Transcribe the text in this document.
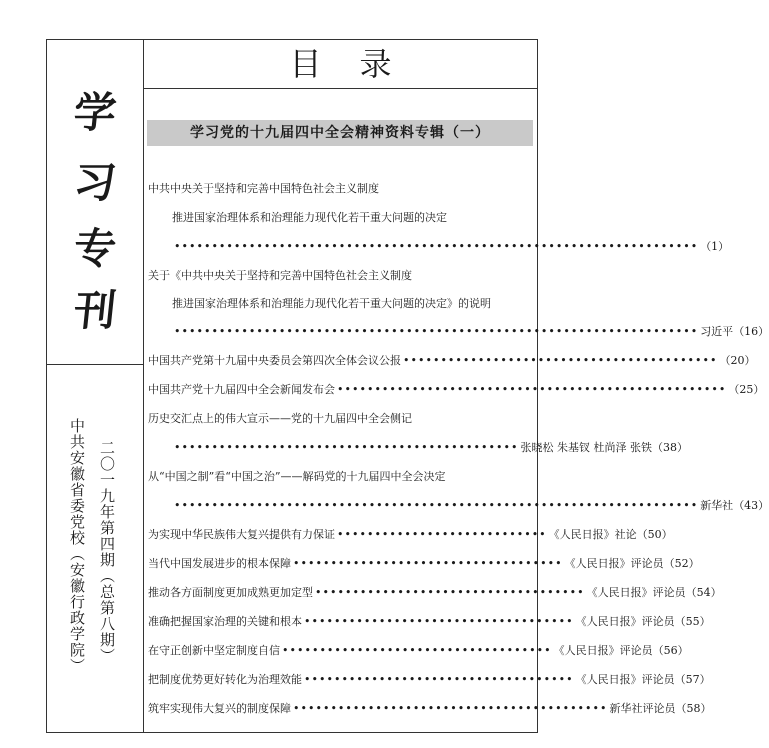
学
习
专
刊
中共安徽省委党校（安徽行政学院） 二〇一九年第四期（总第八期）
目录
学习党的十九届四中全会精神资料专辑（一）
中共中央关于坚持和完善中国特色社会主义制度
推进国家治理体系和治理能力现代化若干重大问题的决定
•••••••••••••••••••••••••••••••••••••••••••••••••••••••••••••••••••••• （1）
关于《中共中央关于坚持和完善中国特色社会主义制度
推进国家治理体系和治理能力现代化若干重大问题的决定》的说明
•••••••••••••••••••••••••••••••••••••••••••••••••••••••••••••••••••••• 习近平 （16）
中国共产党第十九届中央委员会第四次全体会议公报 •••••••••••••••••••••••••••••••••••••••••• （20）
中国共产党十九届四中全会新闻发布会 •••••••••••••••••••••••••••••••••••••••••••••••••••• （25）
历史交汇点上的伟大宣示——党的十九届四中全会侧记
•••••••••••••••••••••••••••••••••••••••••••••• 张晓松 朱基钗 杜尚泽 张铁 （38）
从“中国之制”看“中国之治”——解码党的十九届四中全会决定
•••••••••••••••••••••••••••••••••••••••••••••••••••••••••••••••••••••• 新华社 （43）
为实现中华民族伟大复兴提供有力保证 •••••••••••••••••••••••••••• 《人民日报》社论 （50）
当代中国发展进步的根本保障 •••••••••••••••••••••••••••••••••••• 《人民日报》评论员 （52）
推动各方面制度更加成熟更加定型 •••••••••••••••••••••••••••••••••••• 《人民日报》评论员 （54）
准确把握国家治理的关键和根本 •••••••••••••••••••••••••••••••••••• 《人民日报》评论员 （55）
在守正创新中坚定制度自信 •••••••••••••••••••••••••••••••••••• 《人民日报》评论员 （56）
把制度优势更好转化为治理效能 •••••••••••••••••••••••••••••••••••• 《人民日报》评论员 （57）
筑牢实现伟大复兴的制度保障 •••••••••••••••••••••••••••••••••••••••••• 新华社评论员 （58）
